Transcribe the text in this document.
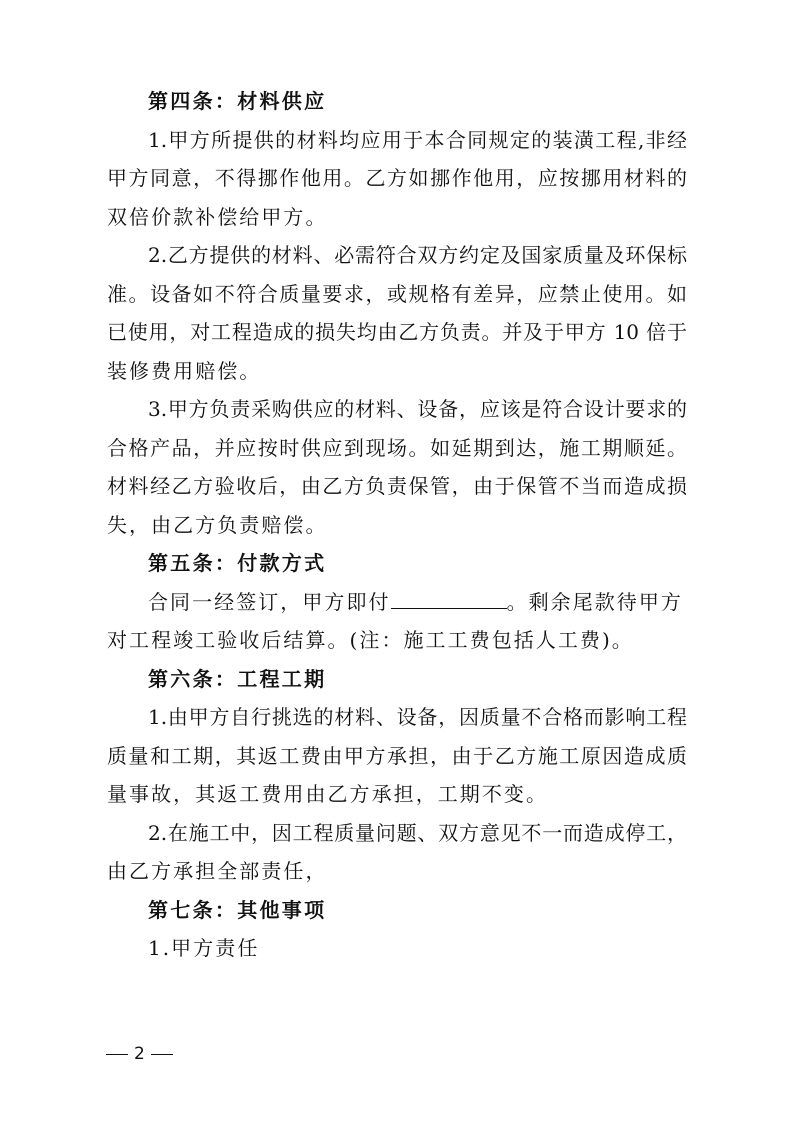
第四条：材料供应
1.甲方所提供的材料均应用于本合同规定的装潢工程,非经
甲方同意，不得挪作他用。乙方如挪作他用，应按挪用材料的
双倍价款补偿给甲方。
2.乙方提供的材料、必需符合双方约定及国家质量及环保标
准。设备如不符合质量要求，或规格有差异，应禁止使用。如
已使用，对工程造成的损失均由乙方负责。并及于甲方 10 倍于
装修费用赔偿。
3.甲方负责采购供应的材料、设备，应该是符合设计要求的
合格产品，并应按时供应到现场。如延期到达，施工期顺延。
材料经乙方验收后，由乙方负责保管，由于保管不当而造成损
失，由乙方负责赔偿。
第五条：付款方式
合同一经签订，甲方即付	。剩余尾款待甲方
对工程竣工验收后结算。(注：施工工费包括人工费)。
第六条：工程工期
1.由甲方自行挑选的材料、设备，因质量不合格而影响工程
质量和工期，其返工费由甲方承担，由于乙方施工原因造成质
量事故，其返工费用由乙方承担，工期不变。
2.在施工中，因工程质量问题、双方意见不一而造成停工，
由乙方承担全部责任，
第七条：其他事项
1.甲方责任
2
